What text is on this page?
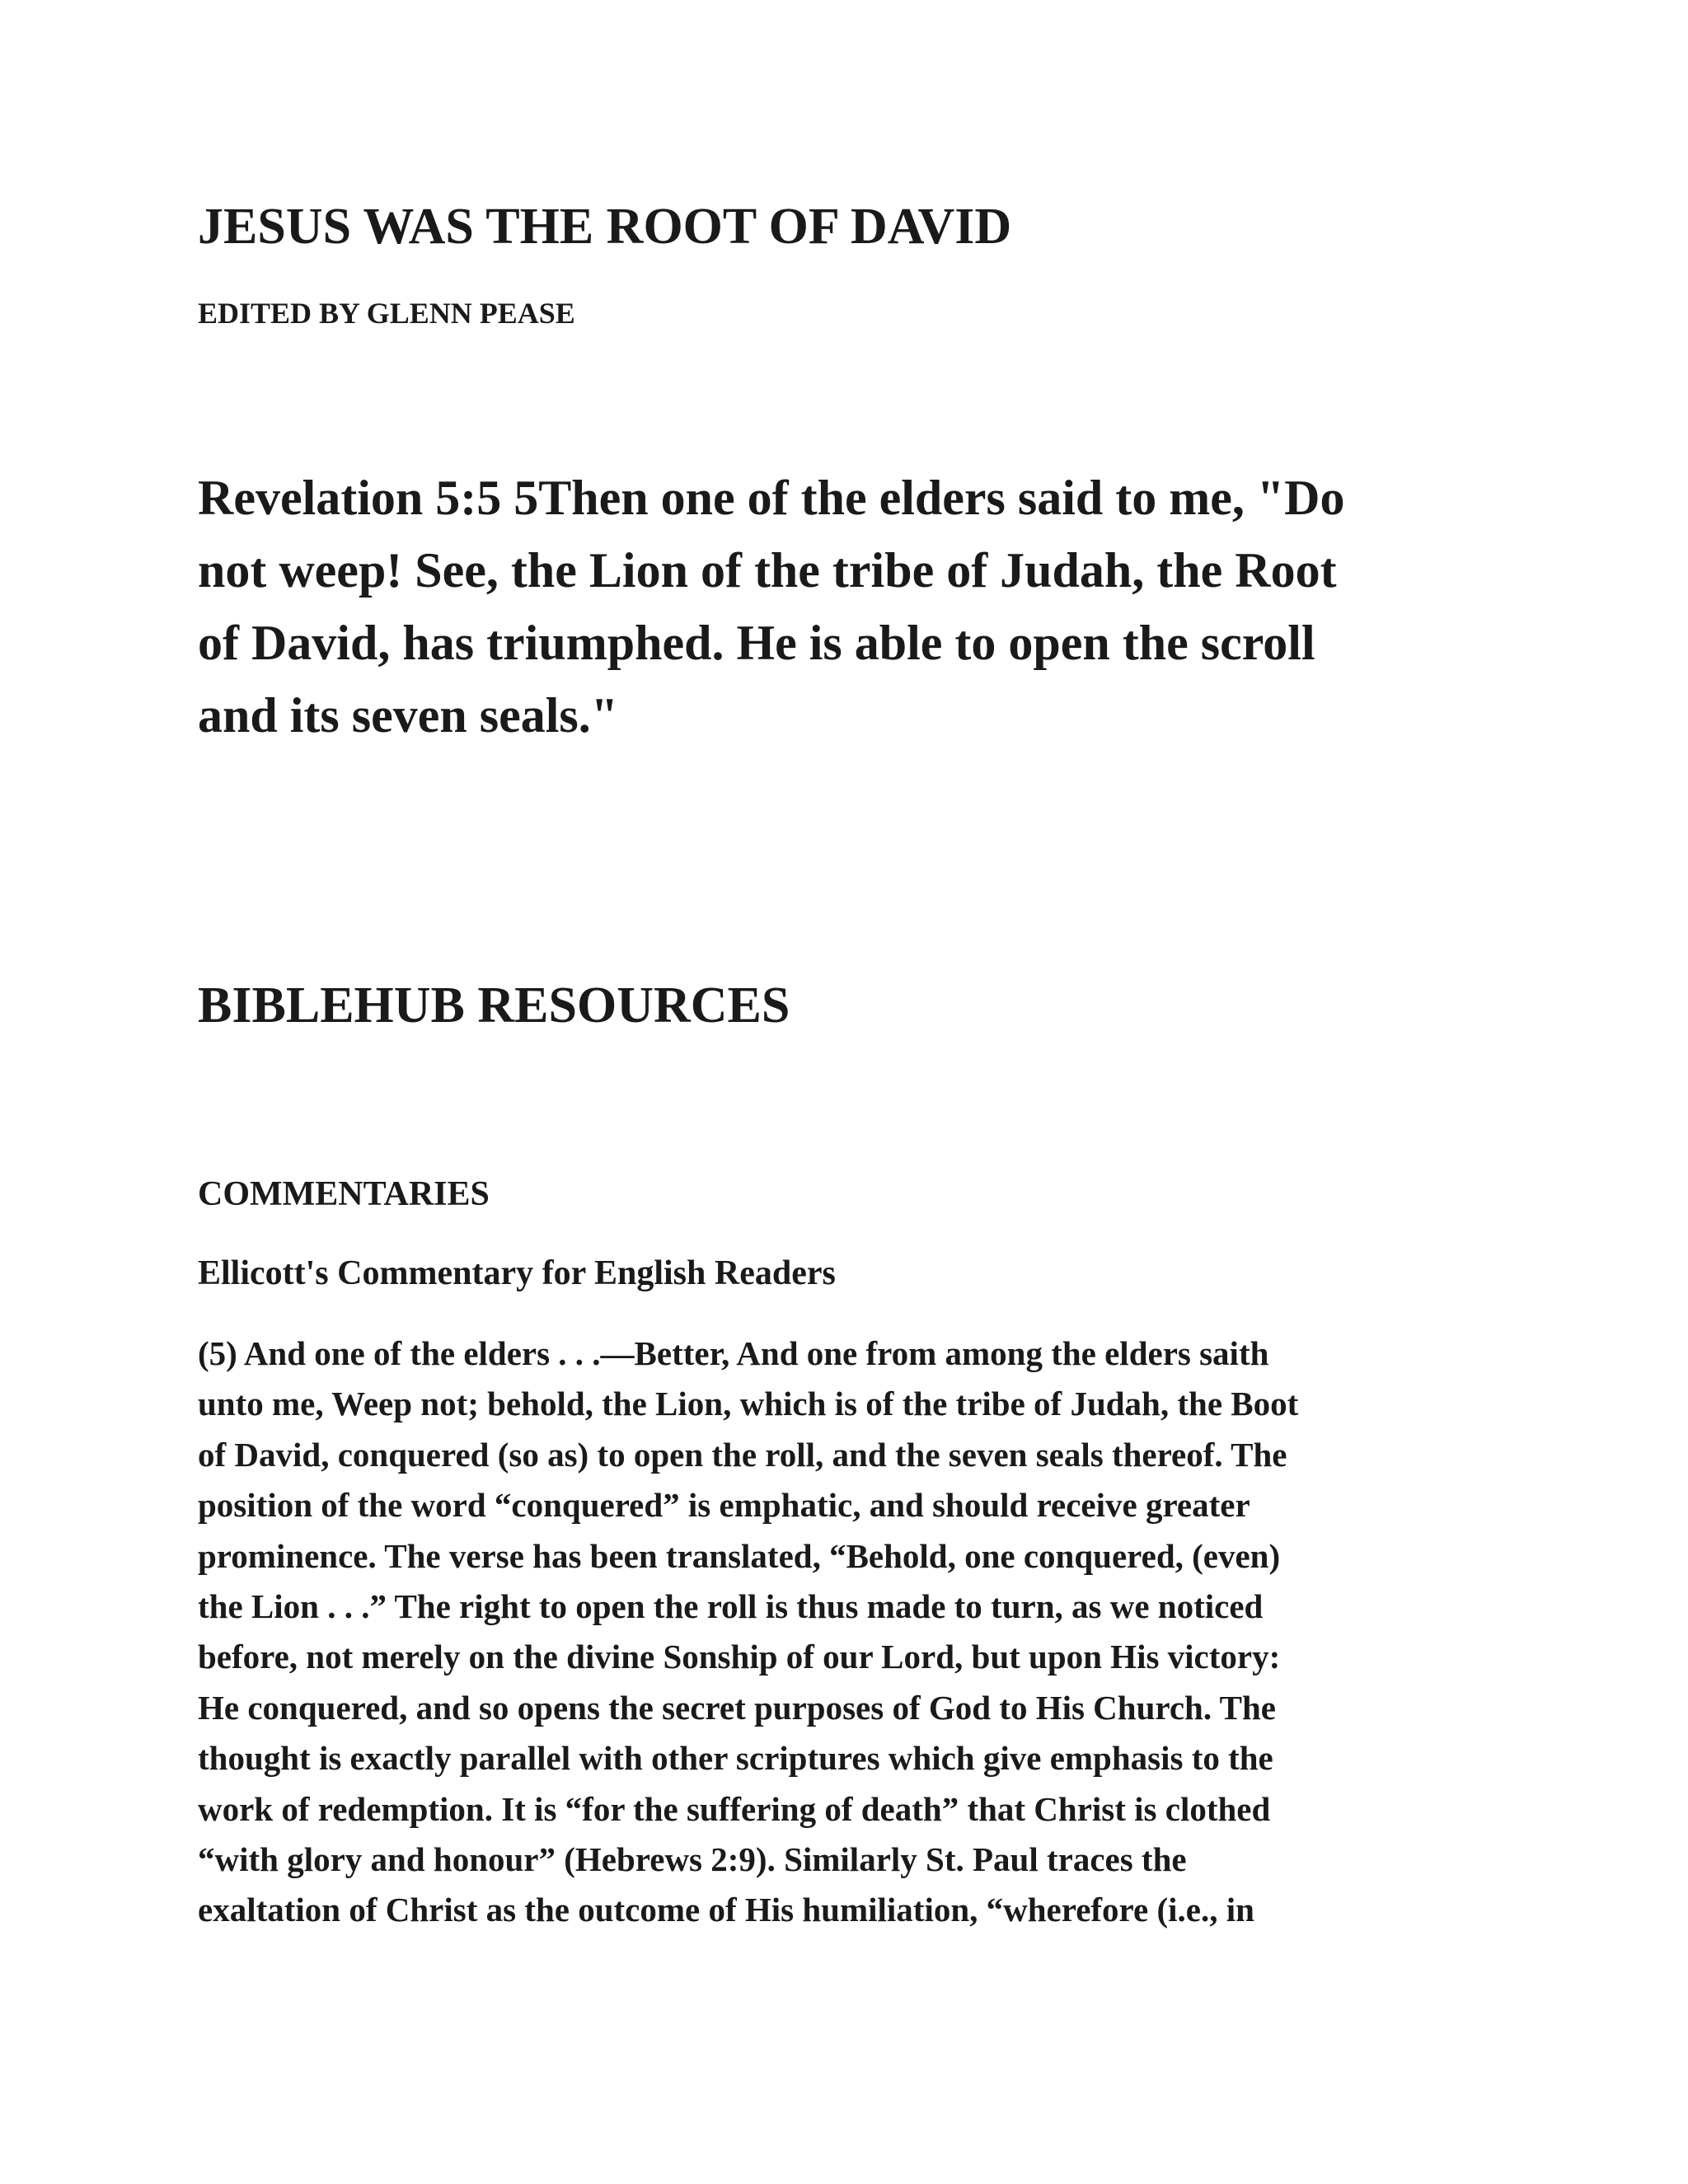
JESUS WAS THE ROOT OF DAVID
EDITED BY GLENN PEASE
Revelation 5:5 5Then one of the elders said to me, "Do
not weep! See, the Lion of the tribe of Judah, the Root
of David, has triumphed. He is able to open the scroll
and its seven seals."
BIBLEHUB RESOURCES
COMMENTARIES
Ellicott's Commentary for English Readers
(5) And one of the elders . . .—Better, And one from among the elders saith
unto me, Weep not; behold, the Lion, which is of the tribe of Judah, the Boot
of David, conquered (so as) to open the roll, and the seven seals thereof. The
position of the word “conquered” is emphatic, and should receive greater
prominence. The verse has been translated, “Behold, one conquered, (even)
the Lion . . .” The right to open the roll is thus made to turn, as we noticed
before, not merely on the divine Sonship of our Lord, but upon His victory:
He conquered, and so opens the secret purposes of God to His Church. The
thought is exactly parallel with other scriptures which give emphasis to the
work of redemption. It is “for the suffering of death” that Christ is clothed
“with glory and honour” (Hebrews 2:9). Similarly St. Paul traces the
exaltation of Christ as the outcome of His humiliation, “wherefore (i.e., in
